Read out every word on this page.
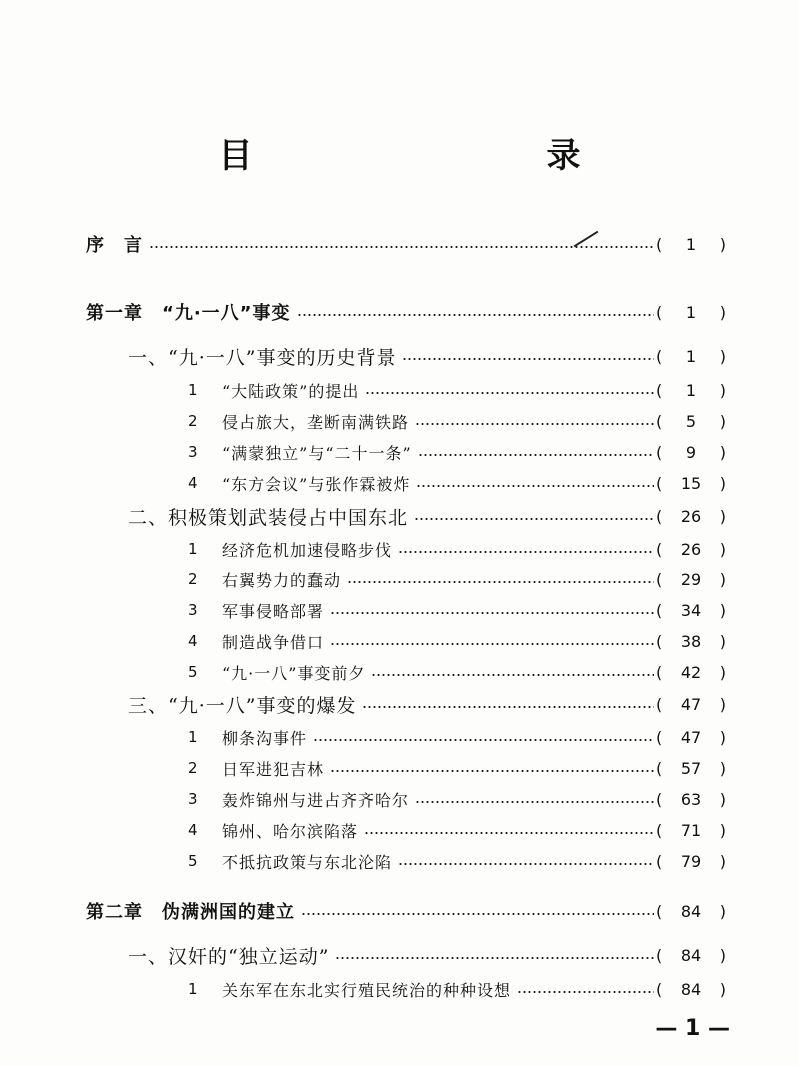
目　录
序　言	(	1	)
第一章　“九·一八”事变	(	1	)
一、“九·一八”事变的历史背景	(	1	)
1	“大陆政策”的提出	(	1	)
2	侵占旅大，垄断南满铁路	(	5	)
3	“满蒙独立”与“二十一条”	(	9	)
4	“东方会议”与张作霖被炸	(	15	)
二、积极策划武装侵占中国东北	(	26	)
1	经济危机加速侵略步伐	(	26	)
2	右翼势力的蠢动	(	29	)
3	军事侵略部署	(	34	)
4	制造战争借口	(	38	)
5	“九·一八”事变前夕	(	42	)
三、“九·一八”事变的爆发	(	47	)
1	柳条沟事件	(	47	)
2	日军进犯吉林	(	57	)
3	轰炸锦州与进占齐齐哈尔	(	63	)
4	锦州、哈尔滨陷落	(	71	)
5	不抵抗政策与东北沦陷	(	79	)
第二章　伪满洲国的建立	(	84	)
一、汉奸的“独立运动”	(	84	)
1	关东军在东北实行殖民统治的种种设想	(	84	)
— 1 —
